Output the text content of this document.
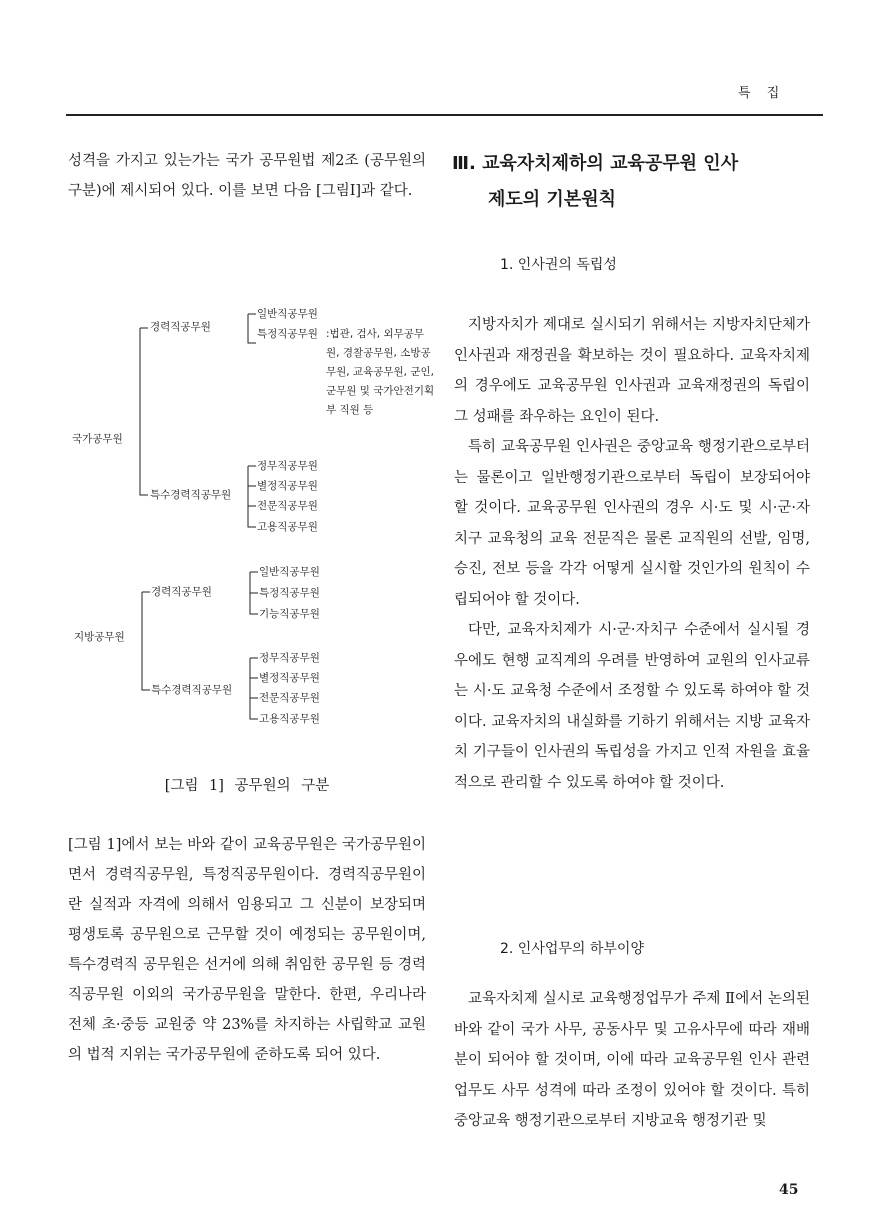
특 집

성격을 가지고 있는가는 국가 공무원법 제2조 (공무원의 구분)에 제시되어 있다. 이를 보면 다음 [그림Ⅰ]과 같다.

국가공무원
경력직공무원
특수경력직공무원
일반직공무원
특정직공무원 :법관, 검사, 외무공무원, 경찰공무원, 소방공무원, 교육공무원, 군인, 군무원 및 국가안전기획부 직원 등
정무직공무원
별정직공무원
전문직공무원
고용직공무원
지방공무원
경력직공무원
특수경력직공무원
일반직공무원
특정직공무원
기능직공무원
정무직공무원
별정직공무원
전문직공무원
고용직공무원
[그림 1] 공무원의 구분

[그림 1]에서 보는 바와 같이 교육공무원은 국가공무원이면서 경력직공무원, 특정직공무원이다. 경력직공무원이란 실적과 자격에 의해서 임용되고 그 신분이 보장되며 평생토록 공무원으로 근무할 것이 예정되는 공무원이며, 특수경력직 공무원은 선거에 의해 취임한 공무원 등 경력직공무원 이외의 국가공무원을 말한다. 한편, 우리나라 전체 초·중등 교원중 약 23%를 차지하는 사립학교 교원의 법적 지위는 국가공무원에 준하도록 되어 있다.

Ⅲ. 교육자치제하의 교육공무원 인사
제도의 기본원칙
1. 인사권의 독립성

지방자치가 제대로 실시되기 위해서는 지방자치단체가 인사권과 재정권을 확보하는 것이 필요하다. 교육자치제의 경우에도 교육공무원 인사권과 교육재정권의 독립이 그 성패를 좌우하는 요인이 된다.

특히 교육공무원 인사권은 중앙교육 행정기관으로부터는 물론이고 일반행정기관으로부터 독립이 보장되어야 할 것이다. 교육공무원 인사권의 경우 시·도 및 시·군·자치구 교육청의 교육 전문직은 물론 교직원의 선발, 임명, 승진, 전보 등을 각각 어떻게 실시할 것인가의 원칙이 수립되어야 할 것이다.

다만, 교육자치제가 시·군·자치구 수준에서 실시될 경우에도 현행 교직계의 우려를 반영하여 교원의 인사교류는 시·도 교육청 수준에서 조정할 수 있도록 하여야 할 것이다. 교육자치의 내실화를 기하기 위해서는 지방 교육자치 기구들이 인사권의 독립성을 가지고 인적 자원을 효율적으로 관리할 수 있도록 하여야 할 것이다.

2. 인사업무의 하부이양

교육자치제 실시로 교육행정업무가 주제 Ⅱ에서 논의된 바와 같이 국가 사무, 공동사무 및 고유사무에 따라 재배분이 되어야 할 것이며, 이에 따라 교육공무원 인사 관련업무도 사무 성격에 따라 조정이 있어야 할 것이다. 특히 중앙교육 행정기관으로부터 지방교육 행정기관 및

45
